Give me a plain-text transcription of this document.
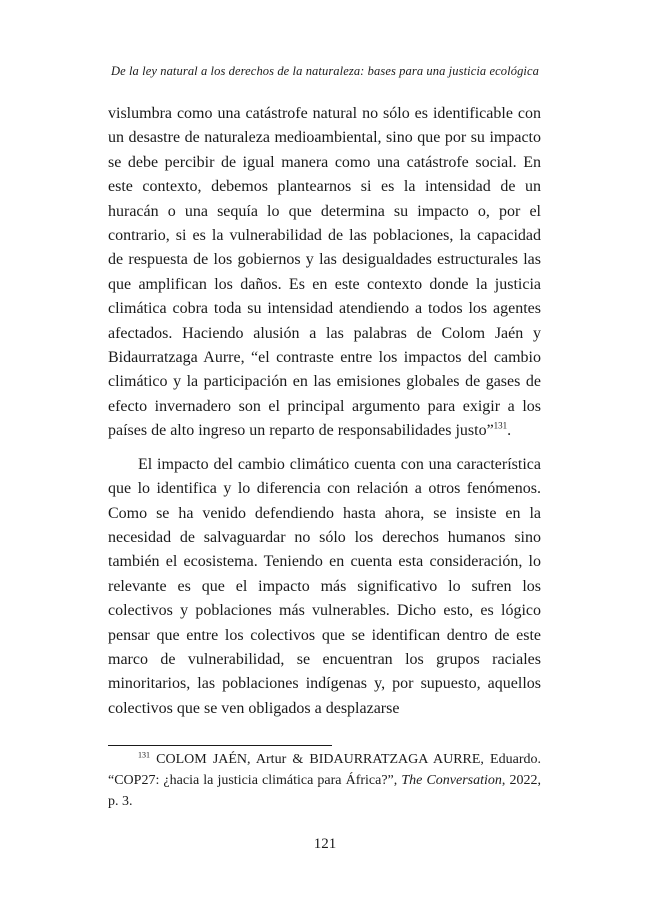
De la ley natural a los derechos de la naturaleza: bases para una justicia ecológica

vislumbra como una catástrofe natural no sólo es identificable con un desastre de naturaleza medioambiental, sino que por su impacto se debe percibir de igual manera como una catástrofe social. En este contexto, debemos plantearnos si es la intensidad de un huracán o una sequía lo que determina su impacto o, por el contrario, si es la vulnerabilidad de las poblaciones, la capacidad de respuesta de los gobiernos y las desigualdades estructurales las que amplifican los daños. Es en este contexto donde la justicia climática cobra toda su intensidad atendiendo a todos los agentes afectados. Haciendo alusión a las palabras de Colom Jaén y Bidaurratzaga Aurre, “el contraste entre los impactos del cambio climático y la participación en las emisiones globales de gases de efecto invernadero son el principal argumento para exigir a los países de alto ingreso un reparto de responsabilidades justo”$^{131}$.

El impacto del cambio climático cuenta con una característica que lo identifica y lo diferencia con relación a otros fenómenos. Como se ha venido defendiendo hasta ahora, se insiste en la necesidad de salvaguardar no sólo los derechos humanos sino también el ecosistema. Teniendo en cuenta esta consideración, lo relevante es que el impacto más significativo lo sufren los colectivos y poblaciones más vulnerables. Dicho esto, es lógico pensar que entre los colectivos que se identifican dentro de este marco de vulnerabilidad, se encuentran los grupos raciales minoritarios, las poblaciones indígenas y, por supuesto, aquellos colectivos que se ven obligados a desplazarse

$^{131}$ COLOM JAÉN, Artur & BIDAURRATZAGA AURRE, Eduardo. “COP27: ¿hacia la justicia climática para África?”, The Conversation, 2022, p. 3.

121
